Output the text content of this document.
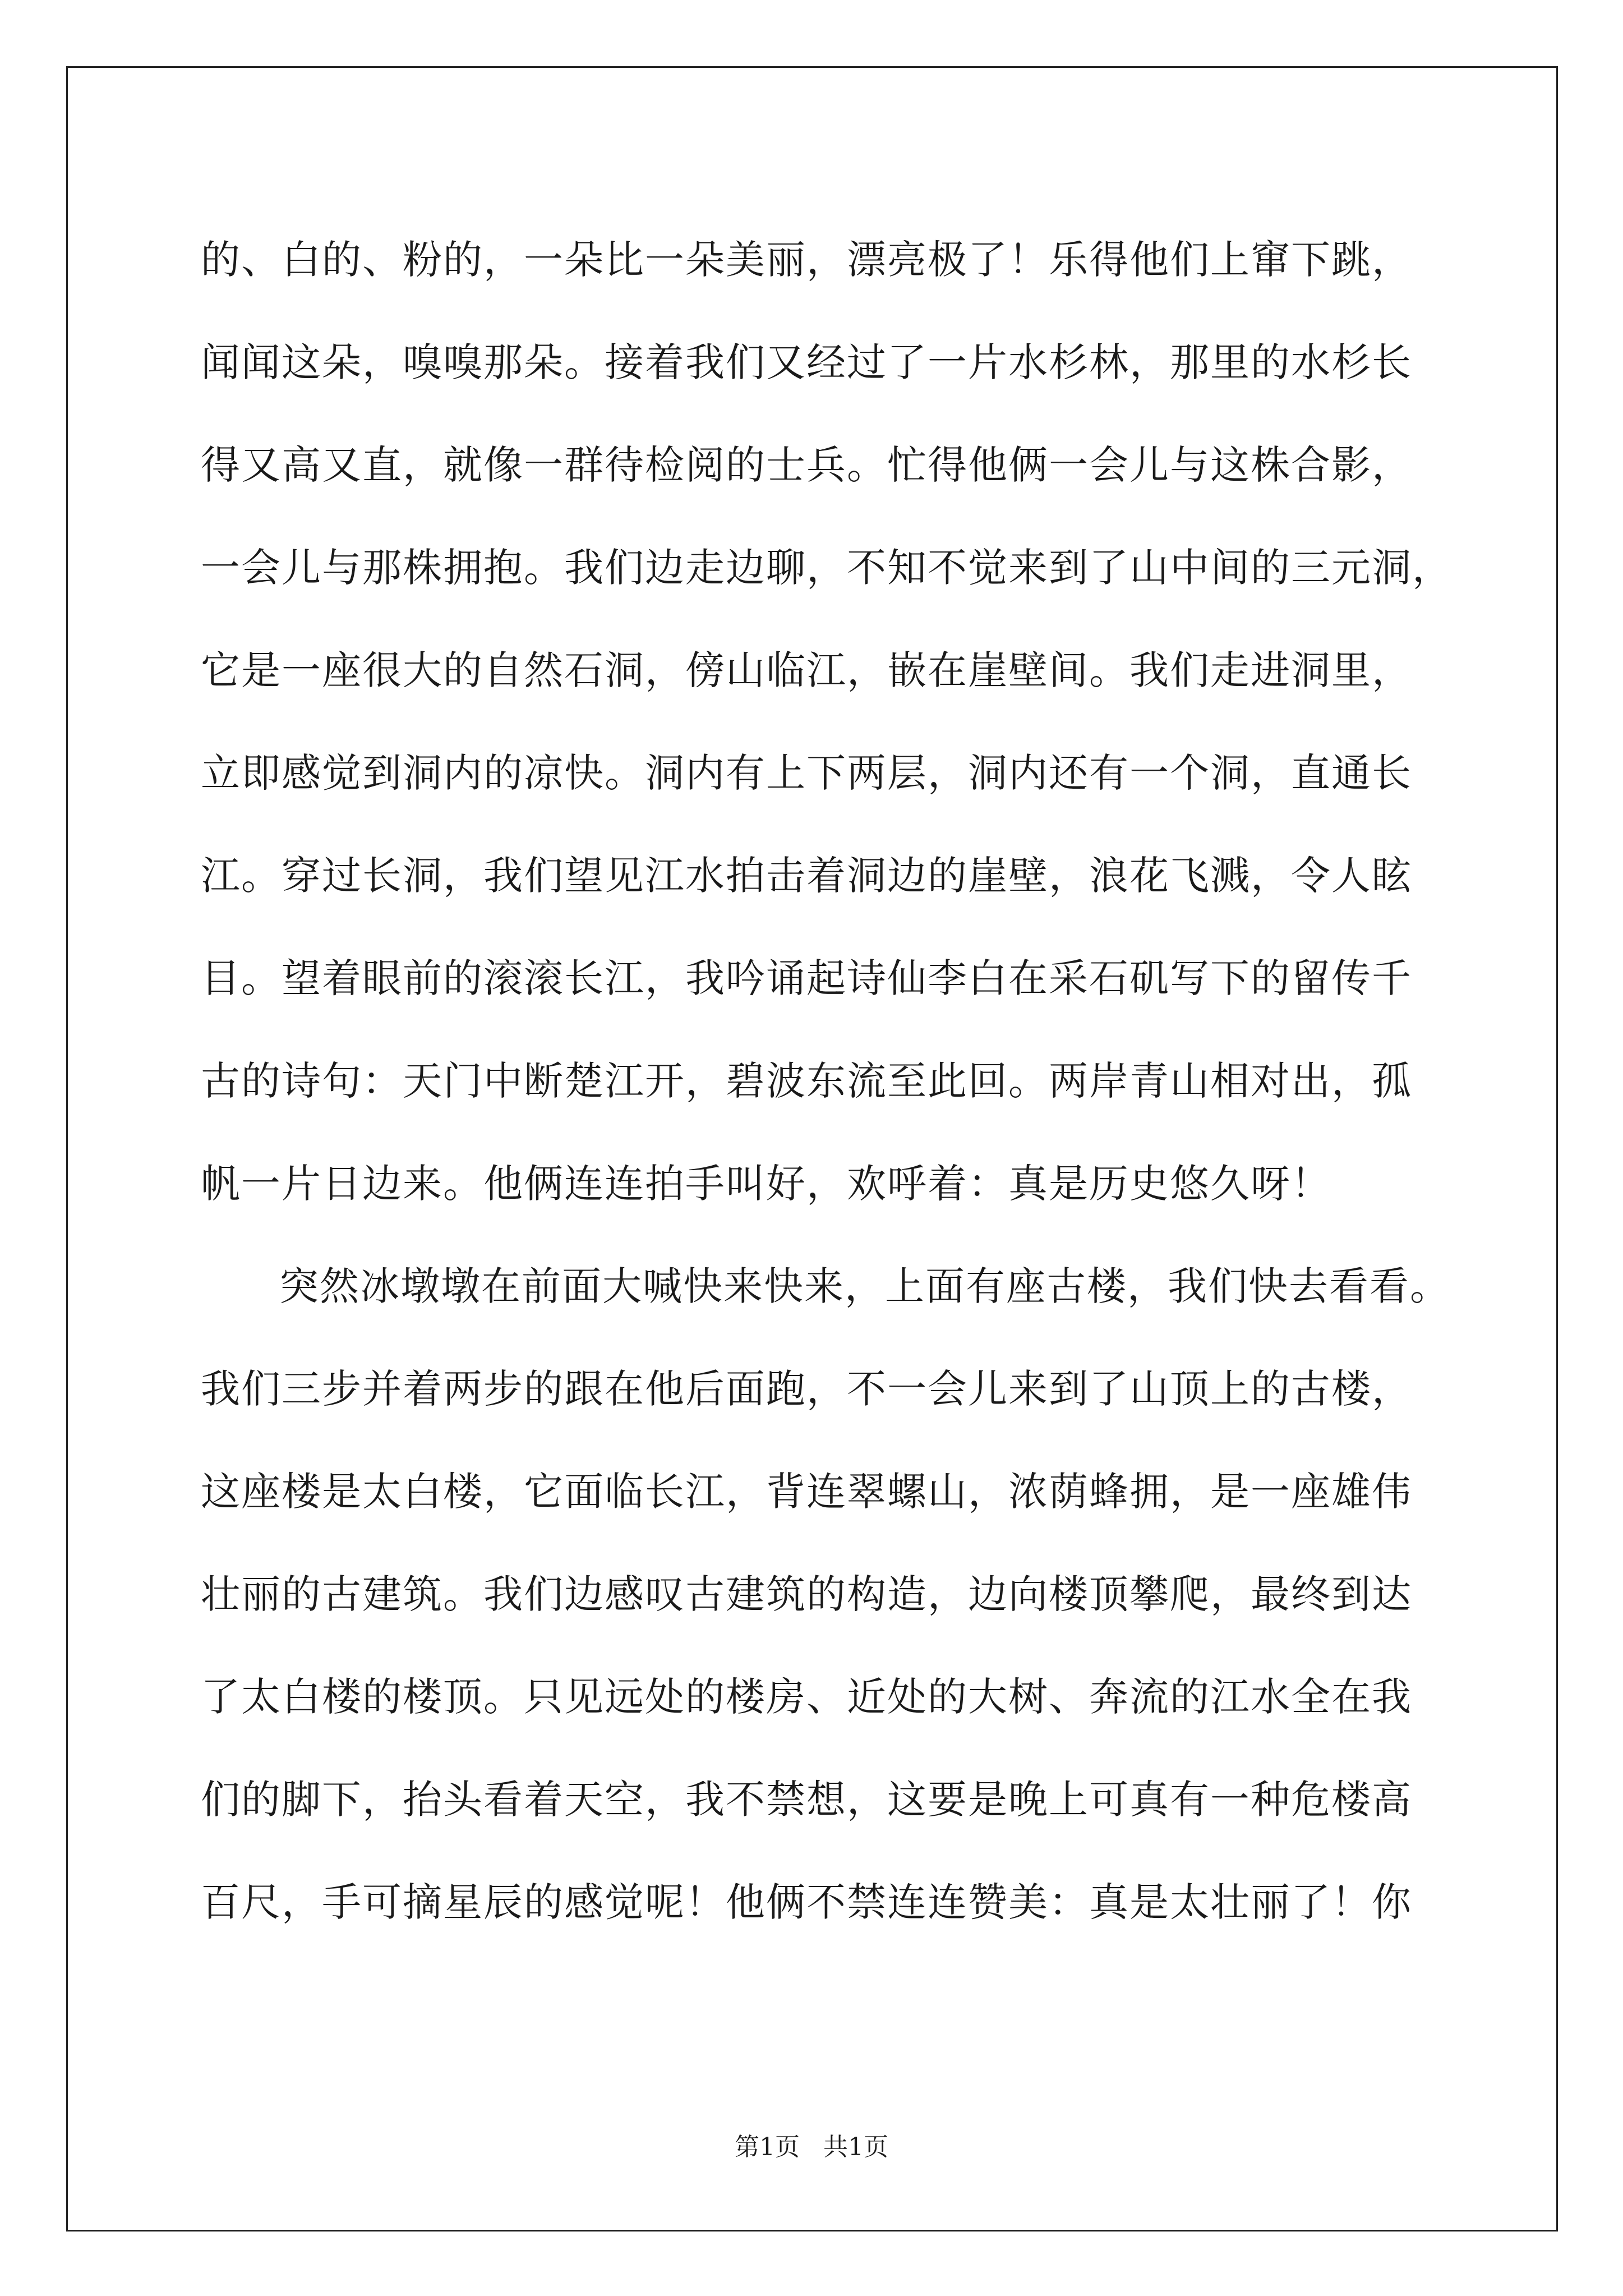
的、白的、粉的，一朵比一朵美丽，漂亮极了！乐得他们上窜下跳，
闻闻这朵，嗅嗅那朵。接着我们又经过了一片水杉林，那里的水杉长
得又高又直，就像一群待检阅的士兵。忙得他俩一会儿与这株合影，
一会儿与那株拥抱。我们边走边聊，不知不觉来到了山中间的三元洞，
它是一座很大的自然石洞，傍山临江，嵌在崖壁间。我们走进洞里，
立即感觉到洞内的凉快。洞内有上下两层，洞内还有一个洞，直通长
江。穿过长洞，我们望见江水拍击着洞边的崖壁，浪花飞溅，令人眩
目。望着眼前的滚滚长江，我吟诵起诗仙李白在采石矶写下的留传千
古的诗句：天门中断楚江开，碧波东流至此回。两岸青山相对出，孤
帆一片日边来。他俩连连拍手叫好，欢呼着：真是历史悠久呀！
突然冰墩墩在前面大喊快来快来，上面有座古楼，我们快去看看。
我们三步并着两步的跟在他后面跑，不一会儿来到了山顶上的古楼，
这座楼是太白楼，它面临长江，背连翠螺山，浓荫蜂拥，是一座雄伟
壮丽的古建筑。我们边感叹古建筑的构造，边向楼顶攀爬，最终到达
了太白楼的楼顶。只见远处的楼房、近处的大树、奔流的江水全在我
们的脚下，抬头看着天空，我不禁想，这要是晚上可真有一种危楼高
百尺，手可摘星辰的感觉呢！他俩不禁连连赞美：真是太壮丽了！你
第1页   共1页
